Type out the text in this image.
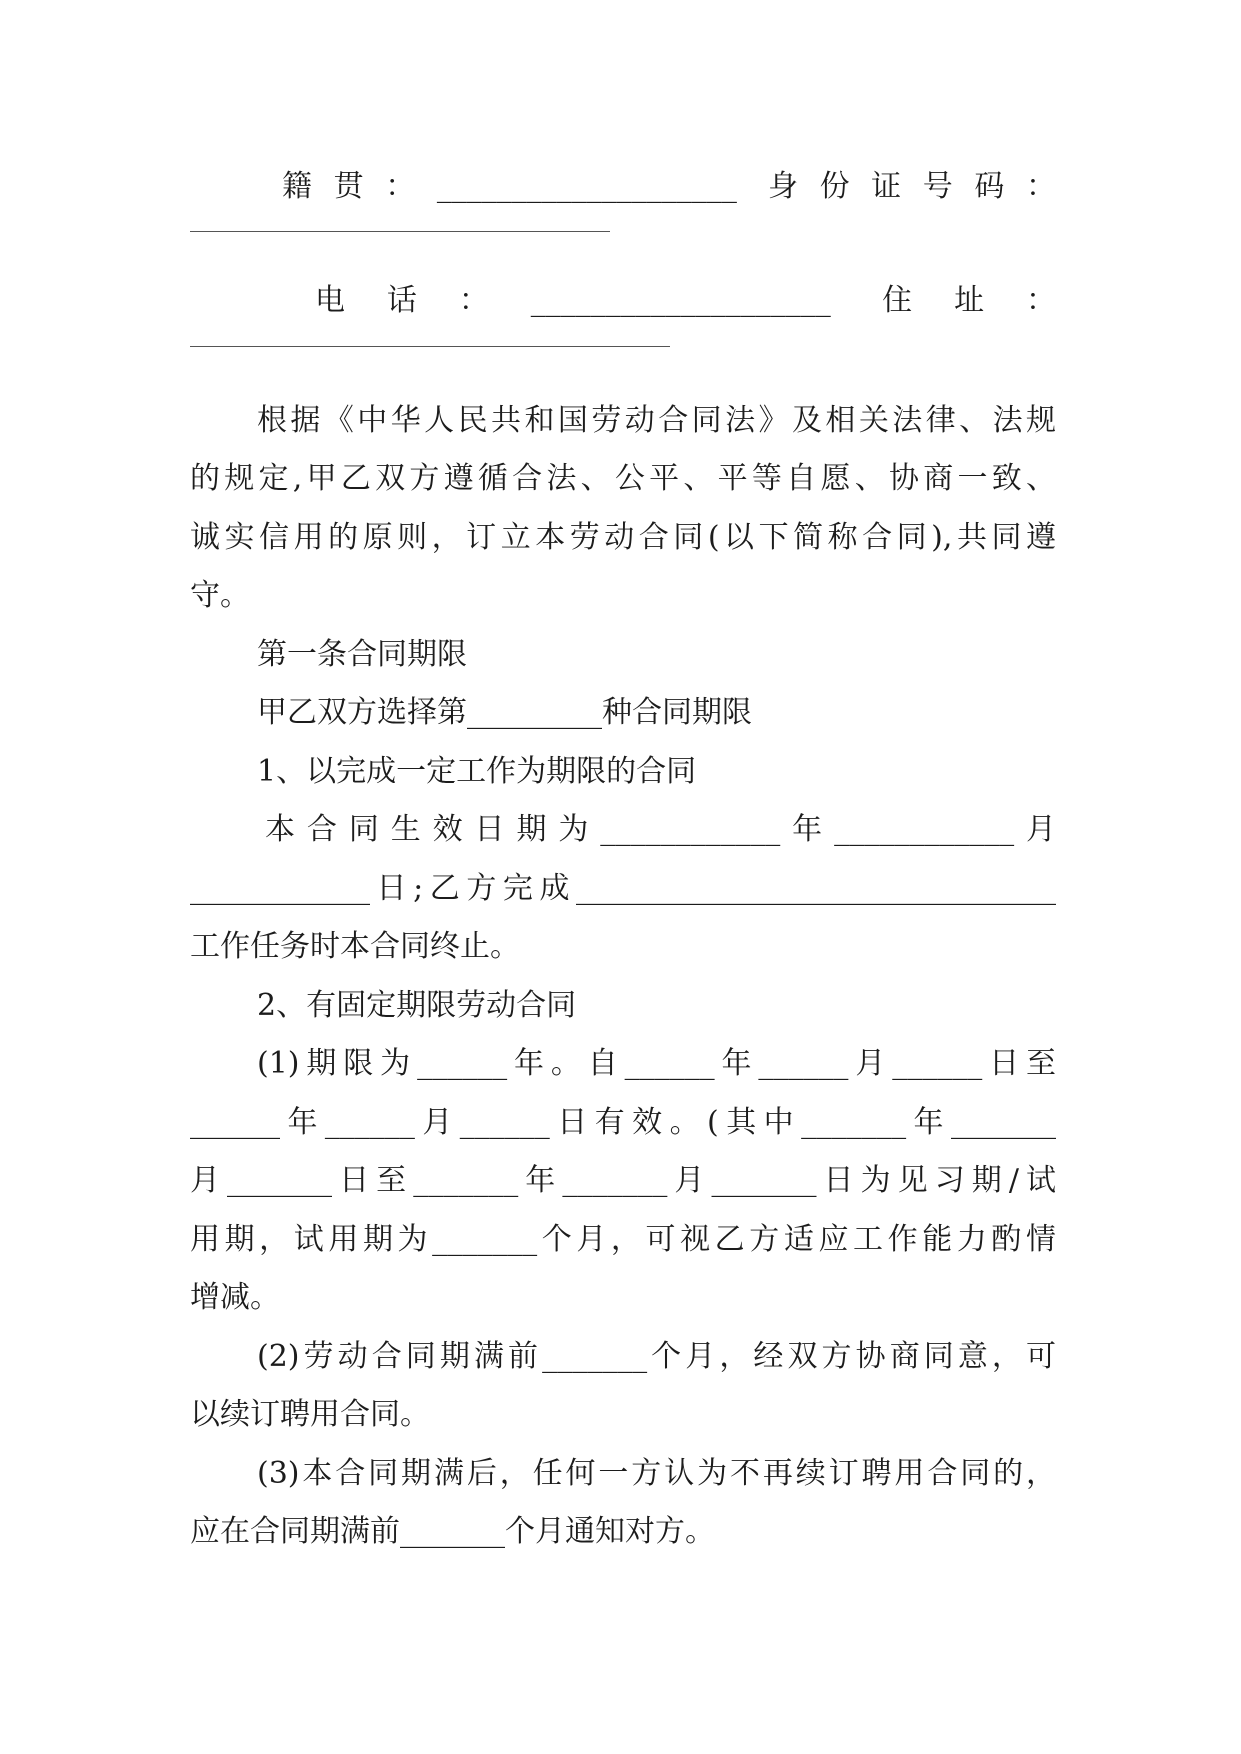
籍贯：____________________ 身份证号码：
电话：____________________ 住址：
根据《中华人民共和国劳动合同法》及相关法律、法规
的规定,甲乙双方遵循合法、公平、平等自愿、协商一致、
诚实信用的原则，订立本劳动合同(以下简称合同),共同遵
守。
第一条合同期限
甲乙双方选择第_________种合同期限
1、以完成一定工作为期限的合同
本合同生效日期为____________年____________月
____________日;乙方完成________________________________
工作任务时本合同终止。
2、有固定期限劳动合同
(1)期限为______年。自______年______月______日至
______年______月______日有效。(其中_______年_______
月_______日至_______年_______月_______日为见习期/试
用期，试用期为_______个月，可视乙方适应工作能力酌情
增减。
(2)劳动合同期满前_______个月，经双方协商同意，可
以续订聘用合同。
(3)本合同期满后，任何一方认为不再续订聘用合同的，
应在合同期满前_______个月通知对方。
